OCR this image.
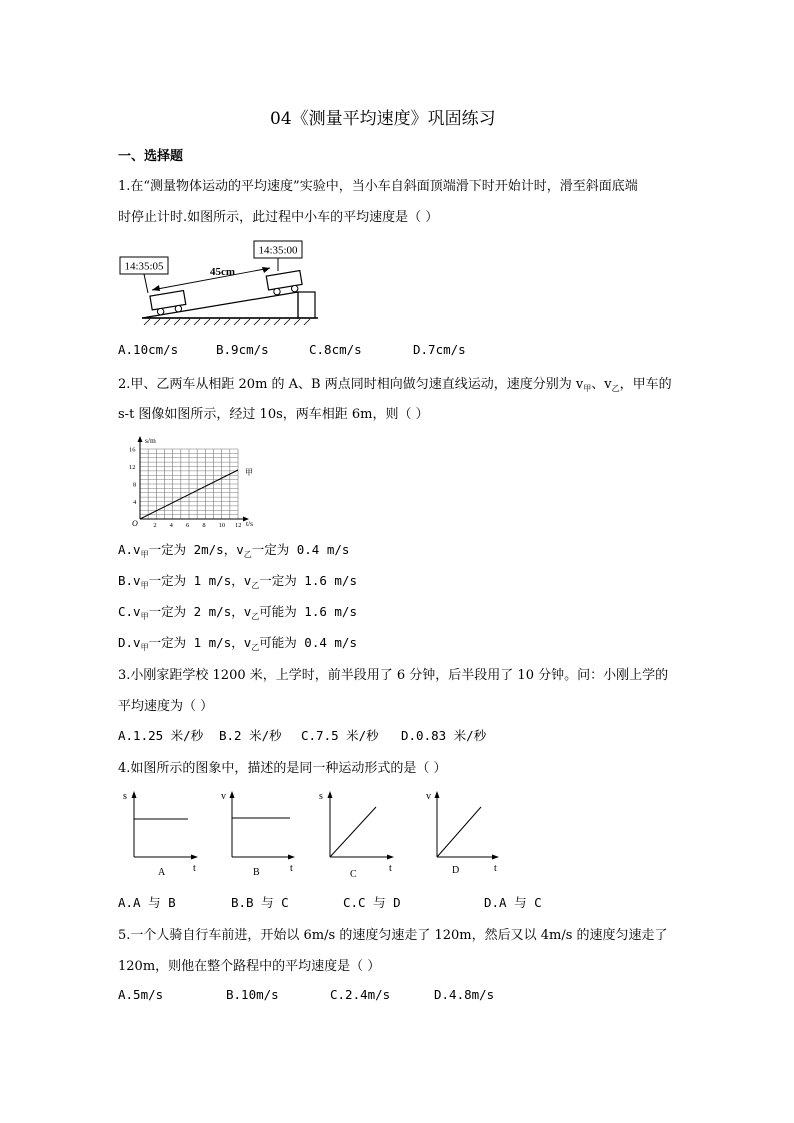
04《测量平均速度》巩固练习
一、选择题
1.在“测量物体运动的平均速度”实验中，当小车自斜面顶端滑下时开始计时，滑至斜面底端
时停止计时.如图所示，此过程中小车的平均速度是（ ）
14:35:00
14:35:05	45cm
A.10cm/s	B.9cm/s	C.8cm/s	D.7cm/s
2.甲、乙两车从相距 20m 的 A、B 两点同时相向做匀速直线运动，速度分别为 $v_甲$、$v_乙$，甲车的
s-t 图像如图所示，经过 10s，两车相距 6m，则（ ）
s/m
t/s
O
甲
2 4 6 8 10 12
4
8
12
16
$A.v_甲$一定为 2m/s，$v_乙$一定为 0.4 m/s
$B.v_甲$一定为 1 m/s，$v_乙$一定为 1.6 m/s
$C.v_甲$一定为 2 m/s，$v_乙$可能为 1.6 m/s
$D.v_甲$一定为 1 m/s，$v_乙$可能为 0.4 m/s
3.小刚家距学校 1200 米，上学时，前半段用了 6 分钟，后半段用了 10 分钟。问：小刚上学的
平均速度为（ ）
A.1.25 米/秒 B.2 米/秒 C.7.5 米/秒 D.0.83 米/秒
4.如图所示的图象中，描述的是同一种运动形式的是（ ）
s
t
A
v
t
B
s
t
C
v
t
D
A.A 与 B	B.B 与 C	C.C 与 D	D.A 与 C
5.一个人骑自行车前进，开始以 6m/s 的速度匀速走了 120m，然后又以 4m/s 的速度匀速走了
120m，则他在整个路程中的平均速度是（ ）
A.5m/s	B.10m/s	C.2.4m/s	D.4.8m/s
